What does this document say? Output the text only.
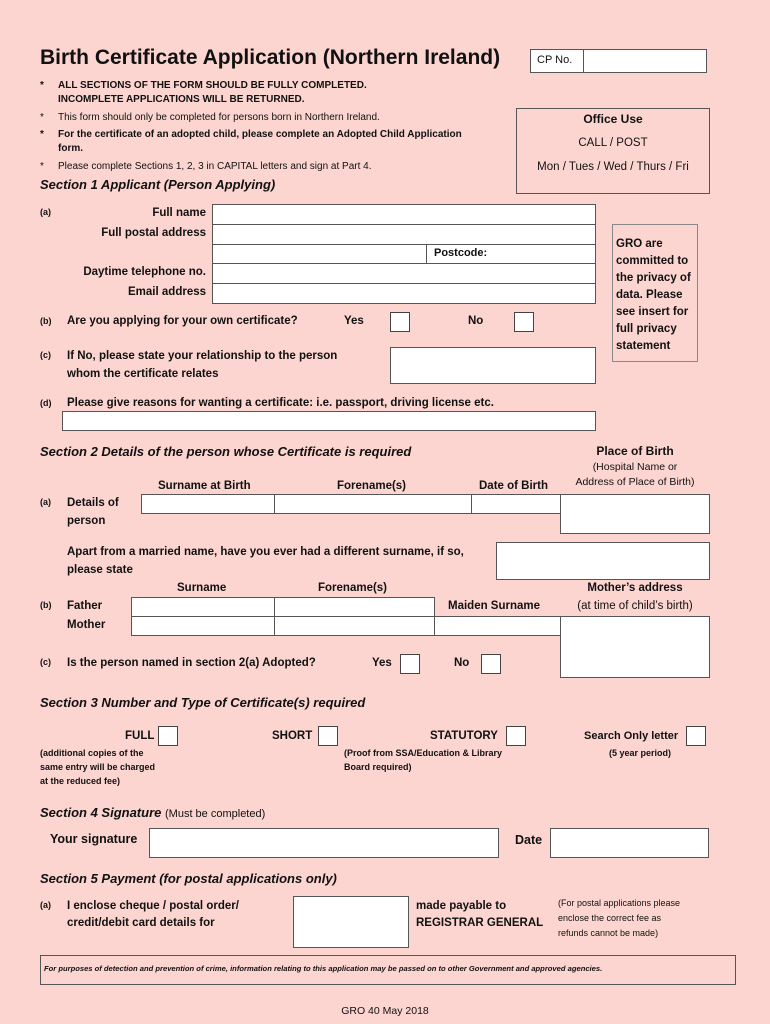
Birth Certificate Application (Northern Ireland)	CP No.
* ALL SECTIONS OF THE FORM SHOULD BE FULLY COMPLETED.
INCOMPLETE APPLICATIONS WILL BE RETURNED.
* This form should only be completed for persons born in Northern Ireland.
* For the certificate of an adopted child, please complete an Adopted Child Application
form.
* Please complete Sections 1, 2, 3 in CAPITAL letters and sign at Part 4.
Office Use
CALL / POST
Mon / Tues / Wed / Thurs / Fri
Section 1 Applicant (Person Applying)
(a)	Full name
Full postal address
Postcode:
Daytime telephone no.
Email address
GRO are committed to the privacy of data. Please see insert for full privacy statement
(b) Are you applying for your own certificate?	Yes	No
(c) If No, please state your relationship to the person
whom the certificate relates
(d) Please give reasons for wanting a certificate: i.e. passport, driving license etc.
Section 2 Details of the person whose Certificate is required	Place of Birth
(Hospital Name or
Address of Place of Birth)
Surname at Birth	Forename(s)	Date of Birth
(a) Details of
person
Apart from a married name, have you ever had a different surname, if so,
please state
Surname	Forename(s)	Mother’s address
(at time of child’s birth)
(b) Father	Maiden Surname
Mother
(c) Is the person named in section 2(a) Adopted?	Yes	No
Section 3 Number and Type of Certificate(s) required
FULL
(additional copies of the
same entry will be charged
at the reduced fee)
SHORT	STATUTORY
(Proof from SSA/Education & Library
Board required)
Search Only letter
(5 year period)
Section 4 Signature (Must be completed)
Your signature	Date
Section 5 Payment (for postal applications only)
(a) I enclose cheque / postal order/
credit/debit card details for
made payable to
REGISTRAR GENERAL
(For postal applications please
enclose the correct fee as
refunds cannot be made)
For purposes of detection and prevention of crime, information relating to this application may be passed on to other Government and approved agencies.
GRO 40 May 2018
